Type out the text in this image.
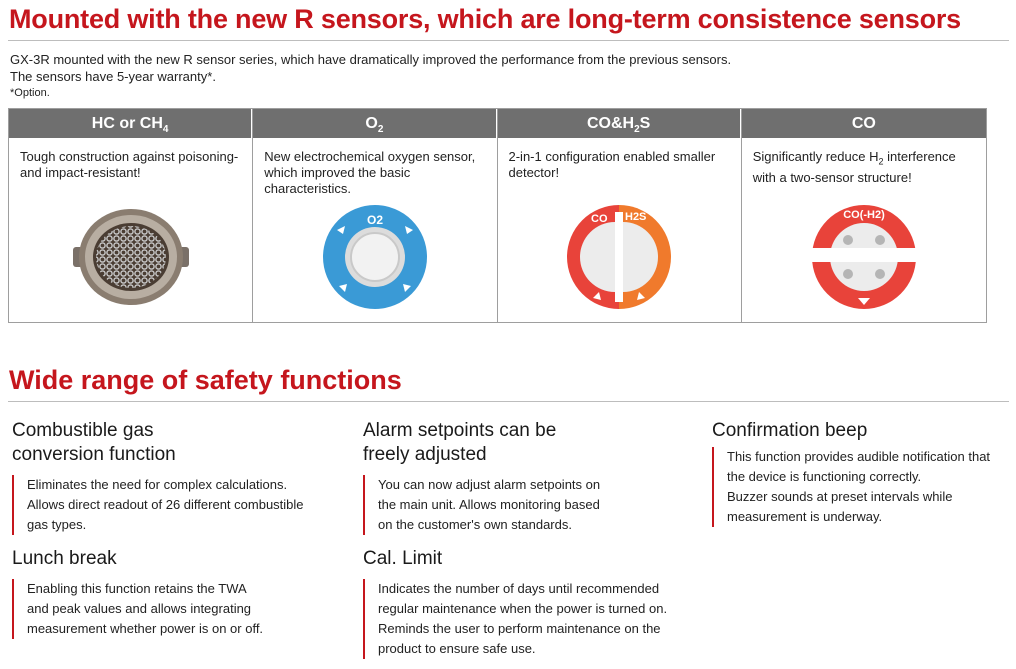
Mounted with the new R sensors, which are long-term consistence sensors
GX-3R mounted with the new R sensor series, which have dramatically improved the performance from the previous sensors.
The sensors have 5-year warranty*.
*Option.
HC or $CH_4$
Tough construction against poisoning- and impact-resistant!
$O_2$
New electrochemical oxygen sensor, which improved the basic characteristics.
O2
$CO\&H_2S$
2-in-1 configuration enabled smaller detector!
CO H2S
CO
Significantly reduce $H_2$ interference with a two-sensor structure!
CO(-H2)
Wide range of safety functions
Combustible gas
conversion function
Eliminates the need for complex calculations.
Allows direct readout of 26 different combustible
gas types.
Lunch break
Enabling this function retains the TWA
and peak values and allows integrating
measurement whether power is on or off.
Alarm setpoints can be
freely adjusted
You can now adjust alarm setpoints on
the main unit. Allows monitoring based
on the customer's own standards.
Cal. Limit
Indicates the number of days until recommended
regular maintenance when the power is turned on.
Reminds the user to perform maintenance on the
product to ensure safe use.
Confirmation beep
This function provides audible notification that
the device is functioning correctly.
Buzzer sounds at preset intervals while
measurement is underway.
